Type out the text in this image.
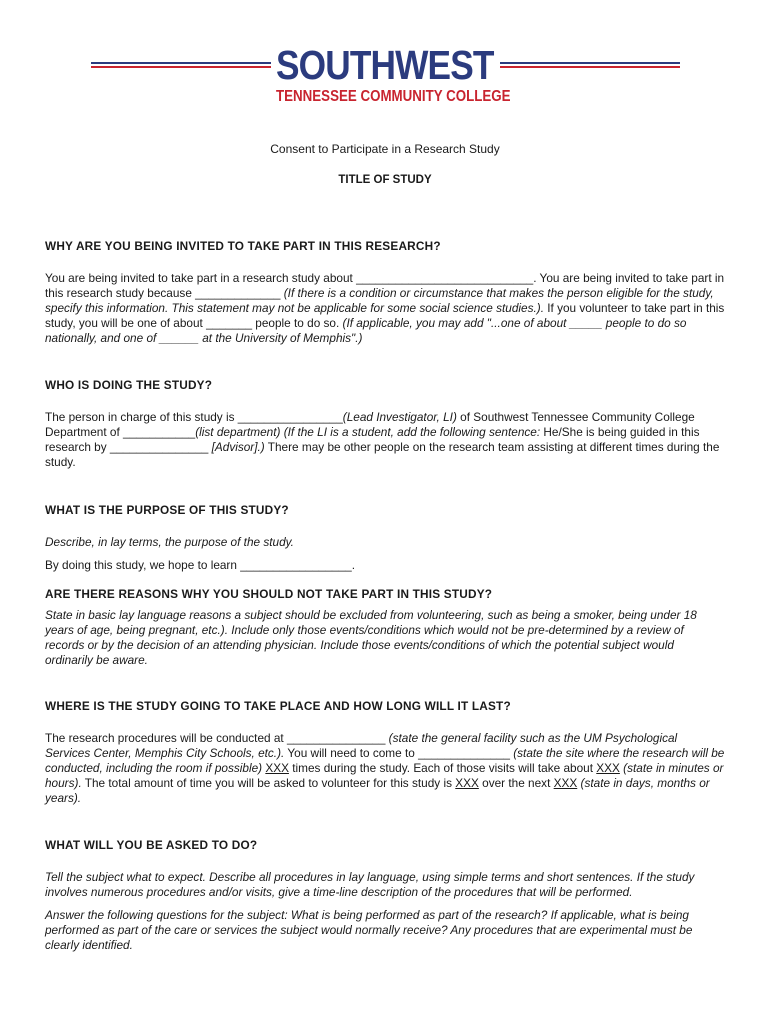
SOUTHWEST
TENNESSEE COMMUNITY COLLEGE
Consent to Participate in a Research Study
TITLE OF STUDY

WHY ARE YOU BEING INVITED TO TAKE PART IN THIS RESEARCH?

You are being invited to take part in a research study about ___________________________. You are being invited to take part in this research study because _____________ (If there is a condition or circumstance that makes the person eligible for the study, specify this information. This statement may not be applicable for some social science studies.). If you volunteer to take part in this study, you will be one of about _______ people to do so. (If applicable, you may add "...one of about _____ people to do so nationally, and one of ______ at the University of Memphis".)

WHO IS DOING THE STUDY?

The person in charge of this study is ________________(Lead Investigator, LI) of Southwest Tennessee Community College Department of ___________(list department) (If the LI is a student, add the following sentence: He/She is being guided in this research by _______________ [Advisor].) There may be other people on the research team assisting at different times during the study.

WHAT IS THE PURPOSE OF THIS STUDY?

Describe, in lay terms, the purpose of the study.

By doing this study, we hope to learn _________________.

ARE THERE REASONS WHY YOU SHOULD NOT TAKE PART IN THIS STUDY?

State in basic lay language reasons a subject should be excluded from volunteering, such as being a smoker, being under 18 years of age, being pregnant, etc.). Include only those events/conditions which would not be pre-determined by a review of records or by the decision of an attending physician. Include those events/conditions of which the potential subject would ordinarily be aware.

WHERE IS THE STUDY GOING TO TAKE PLACE AND HOW LONG WILL IT LAST?

The research procedures will be conducted at _______________ (state the general facility such as the UM Psychological Services Center, Memphis City Schools, etc.). You will need to come to ______________ (state the site where the research will be conducted, including the room if possible) XXX times during the study. Each of those visits will take about XXX (state in minutes or hours). The total amount of time you will be asked to volunteer for this study is XXX over the next XXX (state in days, months or years).

WHAT WILL YOU BE ASKED TO DO?

Tell the subject what to expect. Describe all procedures in lay language, using simple terms and short sentences. If the study involves numerous procedures and/or visits, give a time-line description of the procedures that will be performed.

Answer the following questions for the subject: What is being performed as part of the research? If applicable, what is being performed as part of the care or services the subject would normally receive? Any procedures that are experimental must be clearly identified.
